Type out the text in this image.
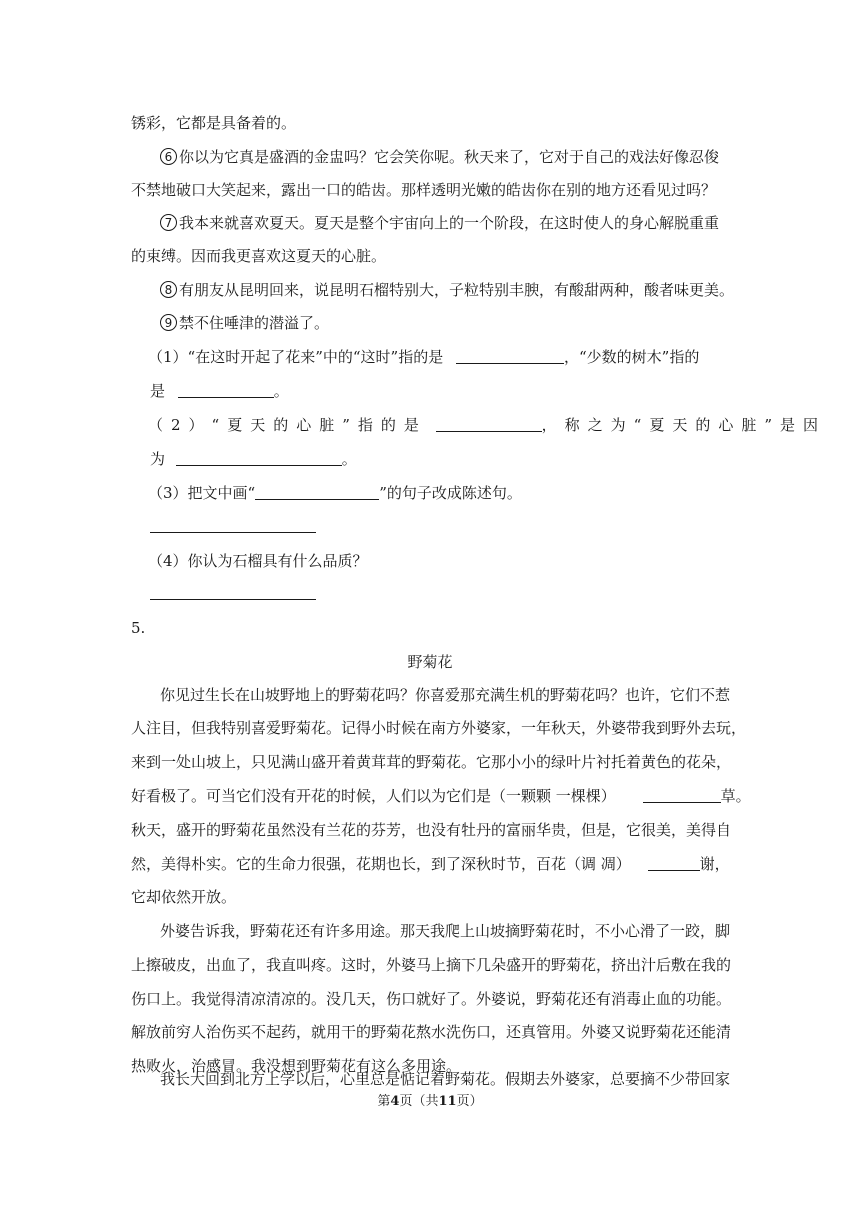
锈彩，它都是具备着的。
6 你以为它真是盛酒的金盅吗？它会笑你呢。秋天来了，它对于自己的戏法好像忍俊
不禁地破口大笑起来，露出一口的皓齿。那样透明光嫩的皓齿你在别的地方还看见过吗？
7 我本来就喜欢夏天。夏天是整个宇宙向上的一个阶段，在这时使人的身心解脱重重
的束缚。因而我更喜欢这夏天的心脏。
8 有朋友从昆明回来，说昆明石榴特别大，子粒特别丰腴，有酸甜两种，酸者味更美。
9 禁不住唾津的潜溢了。
（1）“在这时开起了花来”中的“这时”指的是	，“少数的树木”指的
是	。
（2）“夏天的心脏”指的是	，称之为“夏天的心脏”是因
为	。
（3）把文中画“	”的句子改成陈述句。
（4）你认为石榴具有什么品质？
5.
野菊花
你见过生长在山坡野地上的野菊花吗？你喜爱那充满生机的野菊花吗？也许，它们不惹
人注目，但我特别喜爱野菊花。记得小时候在南方外婆家，一年秋天，外婆带我到野外去玩，
来到一处山坡上，只见满山盛开着黄茸茸的野菊花。它那小小的绿叶片衬托着黄色的花朵，
好看极了。可当它们没有开花的时候，人们以为它们是（一颗颗 一棵棵）	草。
秋天，盛开的野菊花虽然没有兰花的芬芳，也没有牡丹的富丽华贵，但是，它很美，美得自
然，美得朴实。它的生命力很强，花期也长，到了深秋时节，百花（调 凋）	谢，
它却依然开放。
外婆告诉我，野菊花还有许多用途。那天我爬上山坡摘野菊花时，不小心滑了一跤，脚
上擦破皮，出血了，我直叫疼。这时，外婆马上摘下几朵盛开的野菊花，挤出汁后敷在我的
伤口上。我觉得清凉清凉的。没几天，伤口就好了。外婆说，野菊花还有消毒止血的功能。
解放前穷人治伤买不起药，就用干的野菊花熬水洗伤口，还真管用。外婆又说野菊花还能清
热败火，治感冒。我没想到野菊花有这么多用途。
我长大回到北方上学以后，心里总是惦记着野菊花。假期去外婆家，总要摘不少带回家
第4页（共11页）
